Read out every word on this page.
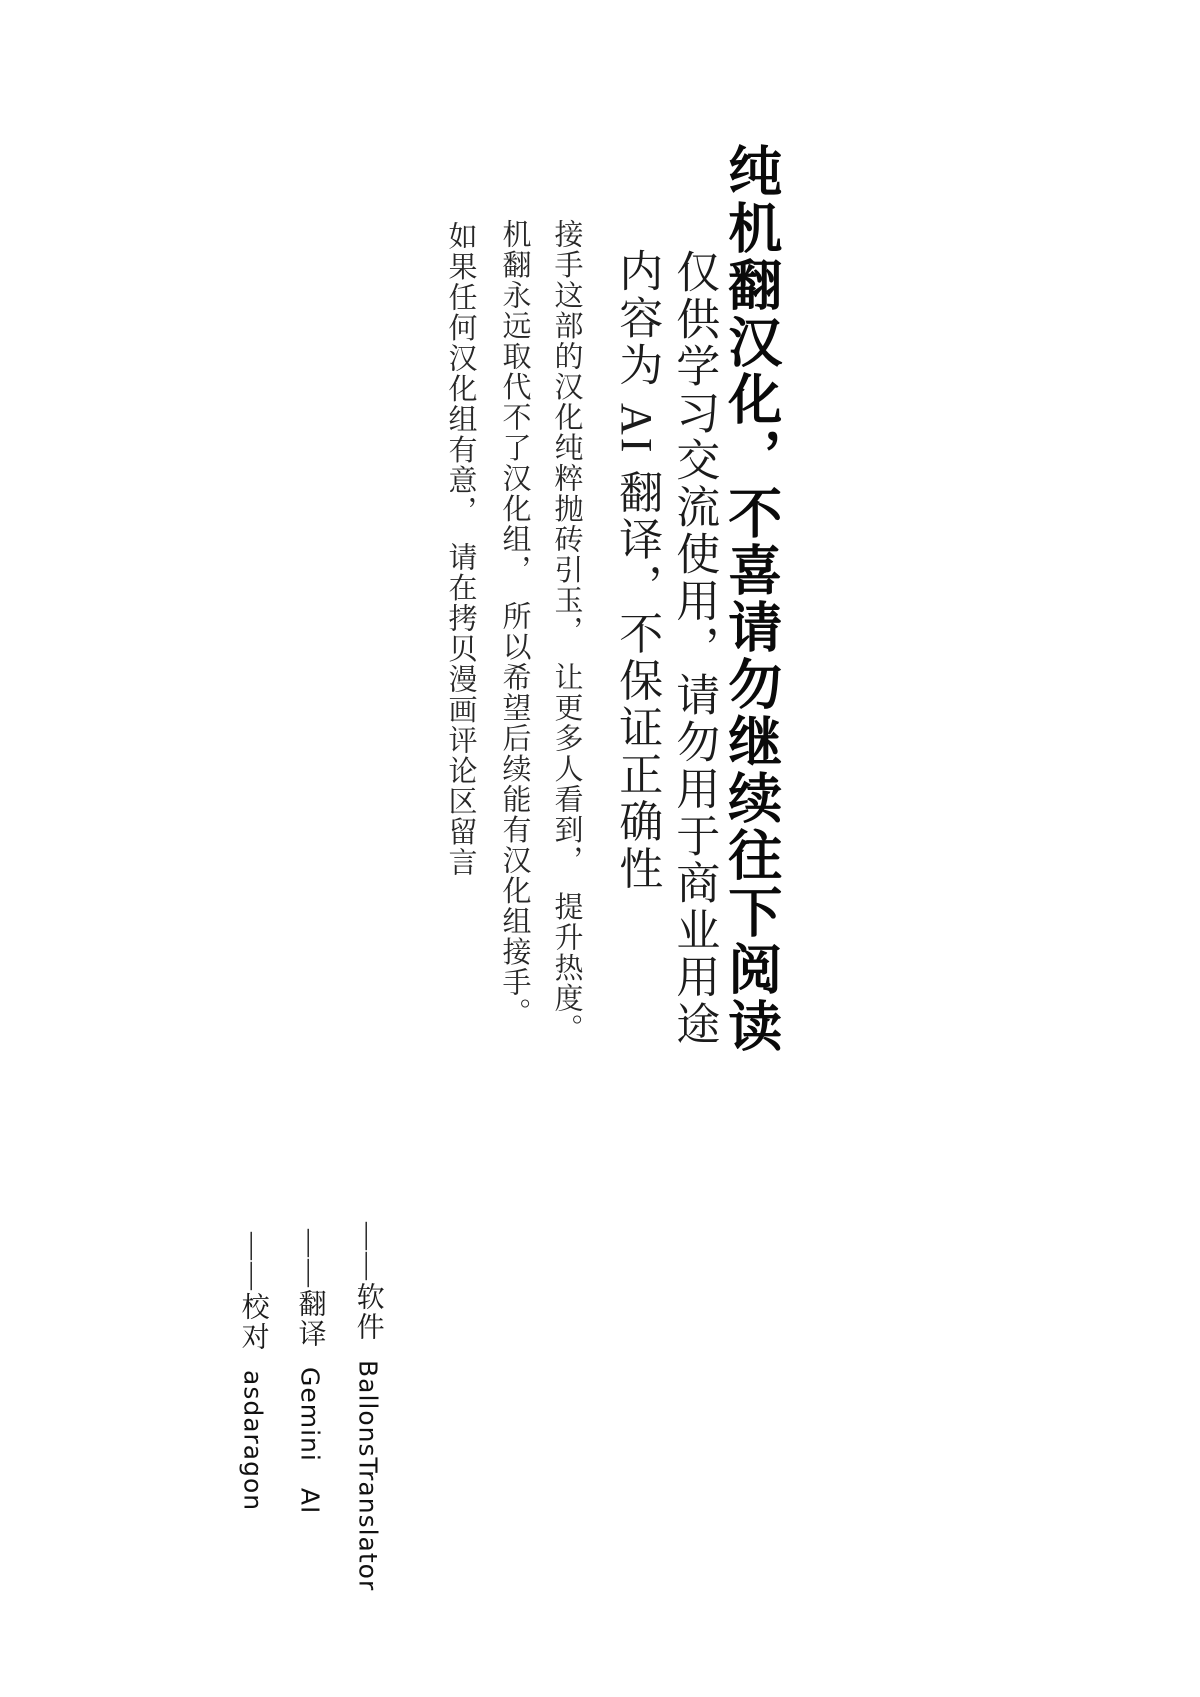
纯机翻汉化，不喜请勿继续往下阅读
仅供学习交流使用，请勿用于商业用途
内容为 AI 翻译，不保证正确性
接手这部的汉化纯粹抛砖引玉，　让更多人看到，　提升热度。
机翻永远取代不了汉化组，　所以希望后续能有汉化组接手。
如果任何汉化组有意，　请在拷贝漫画评论区留言

——软件BallonsTranslator

——翻译Gemini　AI

——校对asdaragon
